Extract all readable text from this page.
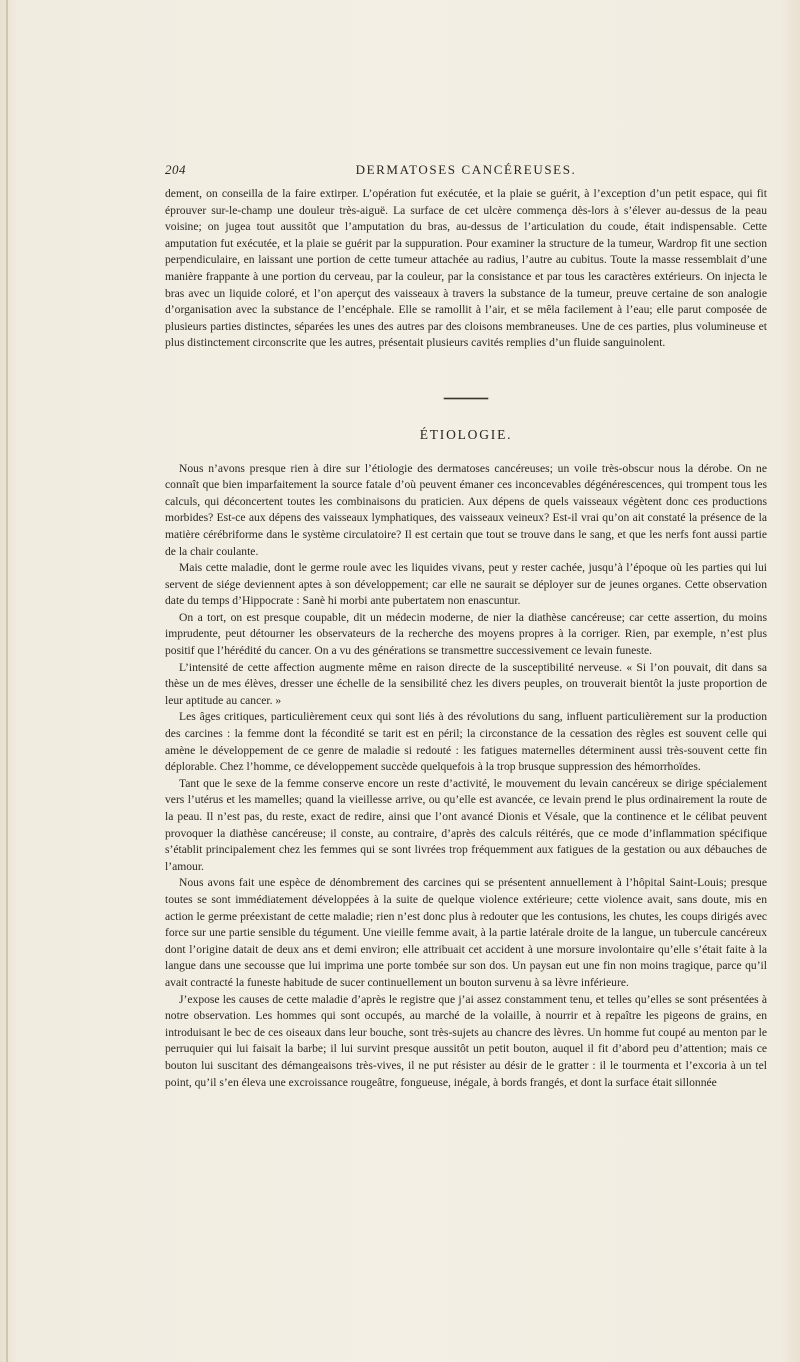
204	DERMATOSES CANCÉREUSES.

dement, on conseilla de la faire extirper. L’opération fut exécutée, et la plaie se guérit, à l’exception d’un petit espace, qui fit éprouver sur-le-champ une douleur très-aiguë. La surface de cet ulcère commença dès-lors à s’élever au-dessus de la peau voisine; on jugea tout aussitôt que l’amputation du bras, au-dessus de l’articulation du coude, était indispensable. Cette amputation fut exécutée, et la plaie se guérit par la suppuration. Pour examiner la structure de la tumeur, Wardrop fit une section perpendiculaire, en laissant une portion de cette tumeur attachée au radius, l’autre au cubitus. Toute la masse ressemblait d’une manière frappante à une portion du cerveau, par la couleur, par la consistance et par tous les caractères extérieurs. On injecta le bras avec un liquide coloré, et l’on aperçut des vaisseaux à travers la substance de la tumeur, preuve certaine de son analogie d’organisation avec la substance de l’encéphale. Elle se ramollit à l’air, et se mêla facilement à l’eau; elle parut composée de plusieurs parties distinctes, séparées les unes des autres par des cloisons membraneuses. Une de ces parties, plus volumineuse et plus distinctement circonscrite que les autres, présentait plusieurs cavités remplies d’un fluide sanguinolent.

ÉTIOLOGIE.

Nous n’avons presque rien à dire sur l’étiologie des dermatoses cancéreuses; un voile très-obscur nous la dérobe. On ne connaît que bien imparfaitement la source fatale d’où peuvent émaner ces inconcevables dégénérescences, qui trompent tous les calculs, qui déconcertent toutes les combinaisons du praticien. Aux dépens de quels vaisseaux végètent donc ces productions morbides? Est-ce aux dépens des vaisseaux lymphatiques, des vaisseaux veineux? Est-il vrai qu’on ait constaté la présence de la matière cérébriforme dans le système circulatoire? Il est certain que tout se trouve dans le sang, et que les nerfs font aussi partie de la chair coulante.

Mais cette maladie, dont le germe roule avec les liquides vivans, peut y rester cachée, jusqu’à l’époque où les parties qui lui servent de siége deviennent aptes à son développement; car elle ne saurait se déployer sur de jeunes organes. Cette observation date du temps d’Hippocrate : Sanè hi morbi ante pubertatem non enascuntur.

On a tort, on est presque coupable, dit un médecin moderne, de nier la diathèse cancéreuse; car cette assertion, du moins imprudente, peut détourner les observateurs de la recherche des moyens propres à la corriger. Rien, par exemple, n’est plus positif que l’hérédité du cancer. On a vu des générations se transmettre successivement ce levain funeste.

L’intensité de cette affection augmente même en raison directe de la susceptibilité nerveuse. « Si l’on pouvait, dit dans sa thèse un de mes élèves, dresser une échelle de la sensibilité chez les divers peuples, on trouverait bientôt la juste proportion de leur aptitude au cancer. »

Les âges critiques, particulièrement ceux qui sont liés à des révolutions du sang, influent particulièrement sur la production des carcines : la femme dont la fécondité se tarit est en péril; la circonstance de la cessation des règles est souvent celle qui amène le développement de ce genre de maladie si redouté : les fatigues maternelles déterminent aussi très-souvent cette fin déplorable. Chez l’homme, ce développement succède quelquefois à la trop brusque suppression des hémorrhoïdes.

Tant que le sexe de la femme conserve encore un reste d’activité, le mouvement du levain cancéreux se dirige spécialement vers l’utérus et les mamelles; quand la vieillesse arrive, ou qu’elle est avancée, ce levain prend le plus ordinairement la route de la peau. Il n’est pas, du reste, exact de redire, ainsi que l’ont avancé Dionis et Vésale, que la continence et le célibat peuvent provoquer la diathèse cancéreuse; il conste, au contraire, d’après des calculs réitérés, que ce mode d’inflammation spécifique s’établit principalement chez les femmes qui se sont livrées trop fréquemment aux fatigues de la gestation ou aux débauches de l’amour.

Nous avons fait une espèce de dénombrement des carcines qui se présentent annuellement à l’hôpital Saint-Louis; presque toutes se sont immédiatement développées à la suite de quelque violence extérieure; cette violence avait, sans doute, mis en action le germe préexistant de cette maladie; rien n’est donc plus à redouter que les contusions, les chutes, les coups dirigés avec force sur une partie sensible du tégument. Une vieille femme avait, à la partie latérale droite de la langue, un tubercule cancéreux dont l’origine datait de deux ans et demi environ; elle attribuait cet accident à une morsure involontaire qu’elle s’était faite à la langue dans une secousse que lui imprima une porte tombée sur son dos. Un paysan eut une fin non moins tragique, parce qu’il avait contracté la funeste habitude de sucer continuellement un bouton survenu à sa lèvre inférieure.

J’expose les causes de cette maladie d’après le registre que j’ai assez constamment tenu, et telles qu’elles se sont présentées à notre observation. Les hommes qui sont occupés, au marché de la volaille, à nourrir et à repaître les pigeons de grains, en introduisant le bec de ces oiseaux dans leur bouche, sont très-sujets au chancre des lèvres. Un homme fut coupé au menton par le perruquier qui lui faisait la barbe; il lui survint presque aussitôt un petit bouton, auquel il fit d’abord peu d’attention; mais ce bouton lui suscitant des démangeaisons très-vives, il ne put résister au désir de le gratter : il le tourmenta et l’excoria à un tel point, qu’il s’en éleva une excroissance rougeâtre, fongueuse, inégale, à bords frangés, et dont la surface était sillonnée
